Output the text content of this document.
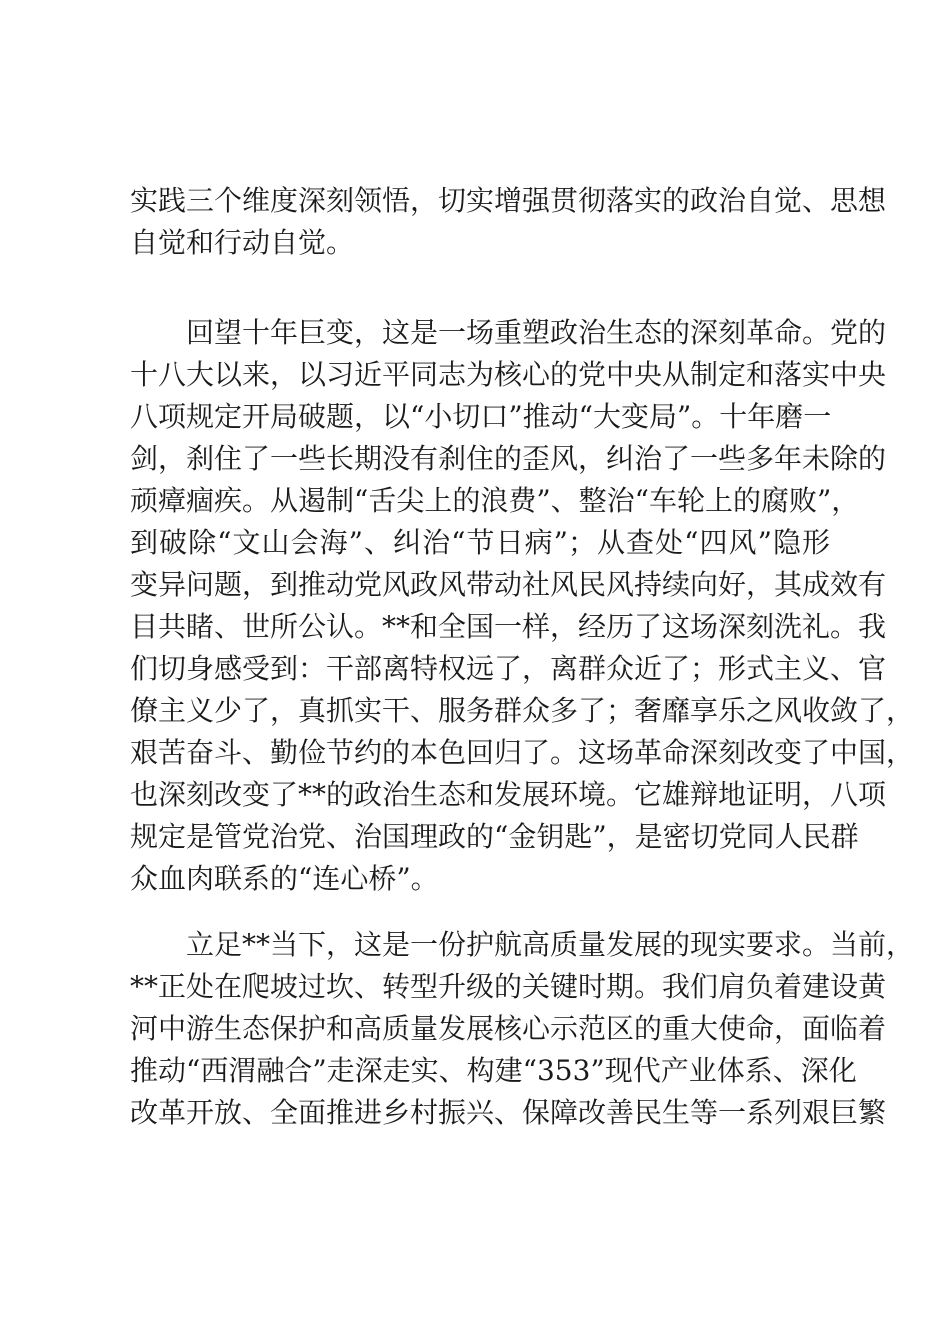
实践三个维度深刻领悟，切实增强贯彻落实的政治自觉、思想
自觉和行动自觉。
回望十年巨变，这是一场重塑政治生态的深刻革命。党的
十八大以来，以习近平同志为核心的党中央从制定和落实中央
八项规定开局破题，以“小切口”推动“大变局”。十年磨一
剑，刹住了一些长期没有刹住的歪风，纠治了一些多年未除的
顽瘴痼疾。从遏制“舌尖上的浪费”、整治“车轮上的腐败”，
到破除“文山会海”、纠治“节日病”；从查处“四风”隐形
变异问题，到推动党风政风带动社风民风持续向好，其成效有
目共睹、世所公认。**和全国一样，经历了这场深刻洗礼。我
们切身感受到：干部离特权远了，离群众近了；形式主义、官
僚主义少了，真抓实干、服务群众多了；奢靡享乐之风收敛了，
艰苦奋斗、勤俭节约的本色回归了。这场革命深刻改变了中国，
也深刻改变了**的政治生态和发展环境。它雄辩地证明，八项
规定是管党治党、治国理政的“金钥匙”，是密切党同人民群
众血肉联系的“连心桥”。
立足**当下，这是一份护航高质量发展的现实要求。当前，
**正处在爬坡过坎、转型升级的关键时期。我们肩负着建设黄
河中游生态保护和高质量发展核心示范区的重大使命，面临着
推动“西渭融合”走深走实、构建“353”现代产业体系、深化
改革开放、全面推进乡村振兴、保障改善民生等一系列艰巨繁
